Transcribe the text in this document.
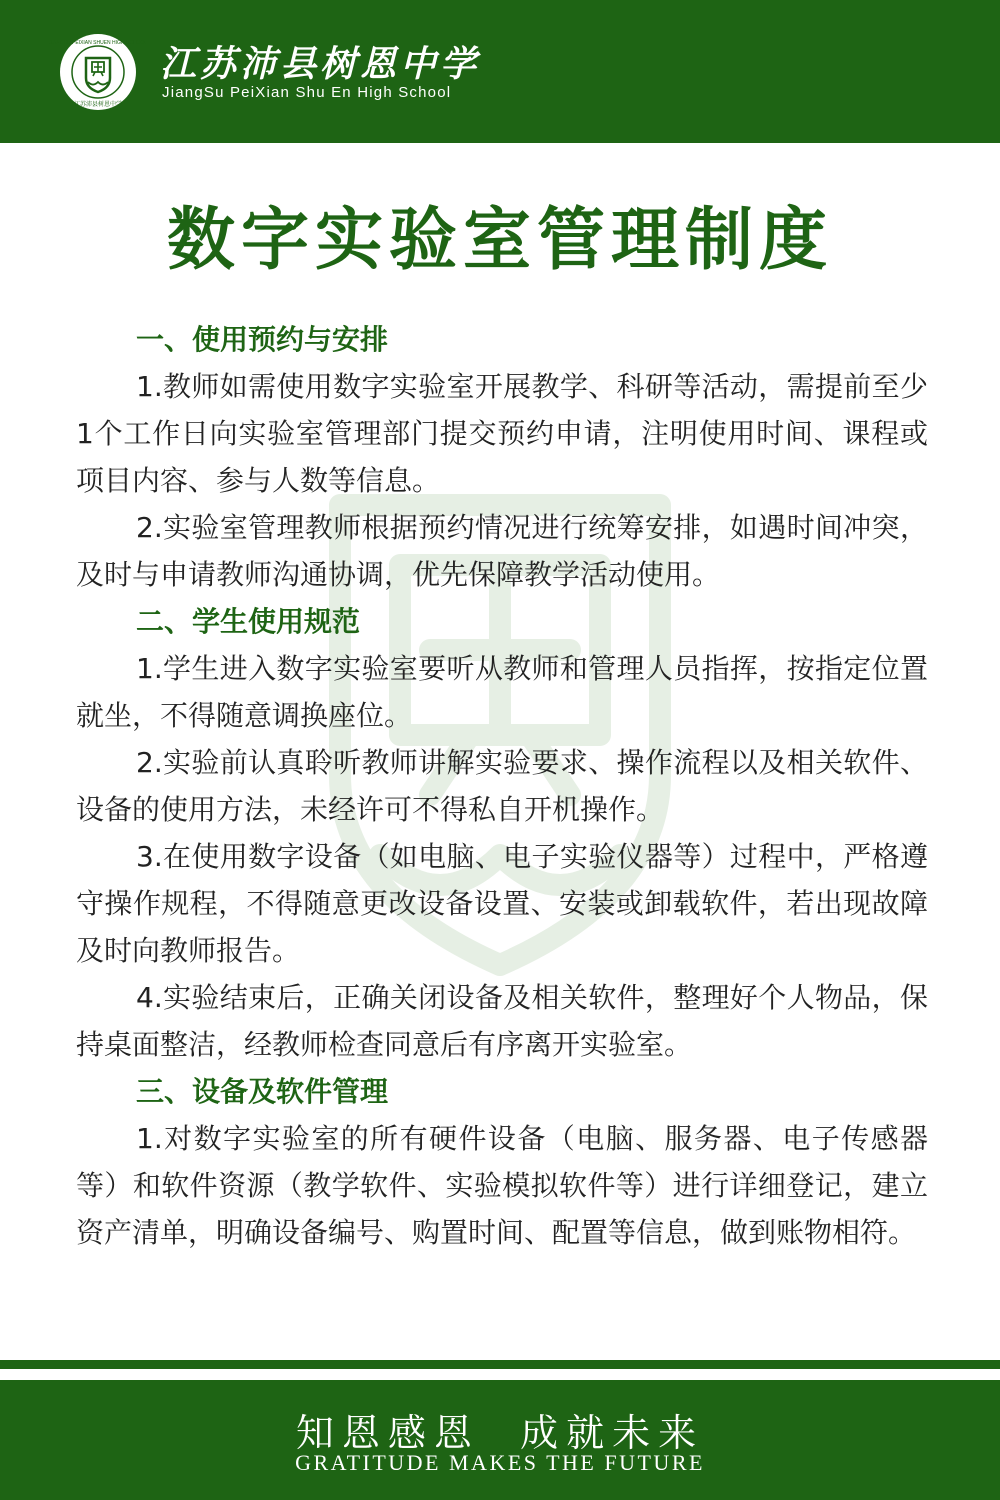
JIANGSU PEIXIAN SHUEN HIGH SCHOOL
江苏沛县树恩中学
江苏沛县树恩中学
JiangSu PeiXian Shu En High School
数字实验室管理制度

一、使用预约与安排

1.教师如需使用数字实验室开展教学、科研等活动，需提前至少1个工作日向实验室管理部门提交预约申请，注明使用时间、课程或项目内容、参与人数等信息。

2.实验室管理教师根据预约情况进行统筹安排，如遇时间冲突，及时与申请教师沟通协调，优先保障教学活动使用。

二、学生使用规范

1.学生进入数字实验室要听从教师和管理人员指挥，按指定位置就坐，不得随意调换座位。

2.实验前认真聆听教师讲解实验要求、操作流程以及相关软件、设备的使用方法，未经许可不得私自开机操作。

3.在使用数字设备（如电脑、电子实验仪器等）过程中，严格遵守操作规程，不得随意更改设备设置、安装或卸载软件，若出现故障及时向教师报告。

4.实验结束后，正确关闭设备及相关软件，整理好个人物品，保持桌面整洁，经教师检查同意后有序离开实验室。

三、设备及软件管理

1.对数字实验室的所有硬件设备（电脑、服务器、电子传感器等）和软件资源（教学软件、实验模拟软件等）进行详细登记，建立资产清单，明确设备编号、购置时间、配置等信息，做到账物相符。

知恩感恩  成就未来
GRATITUDE MAKES THE FUTURE
